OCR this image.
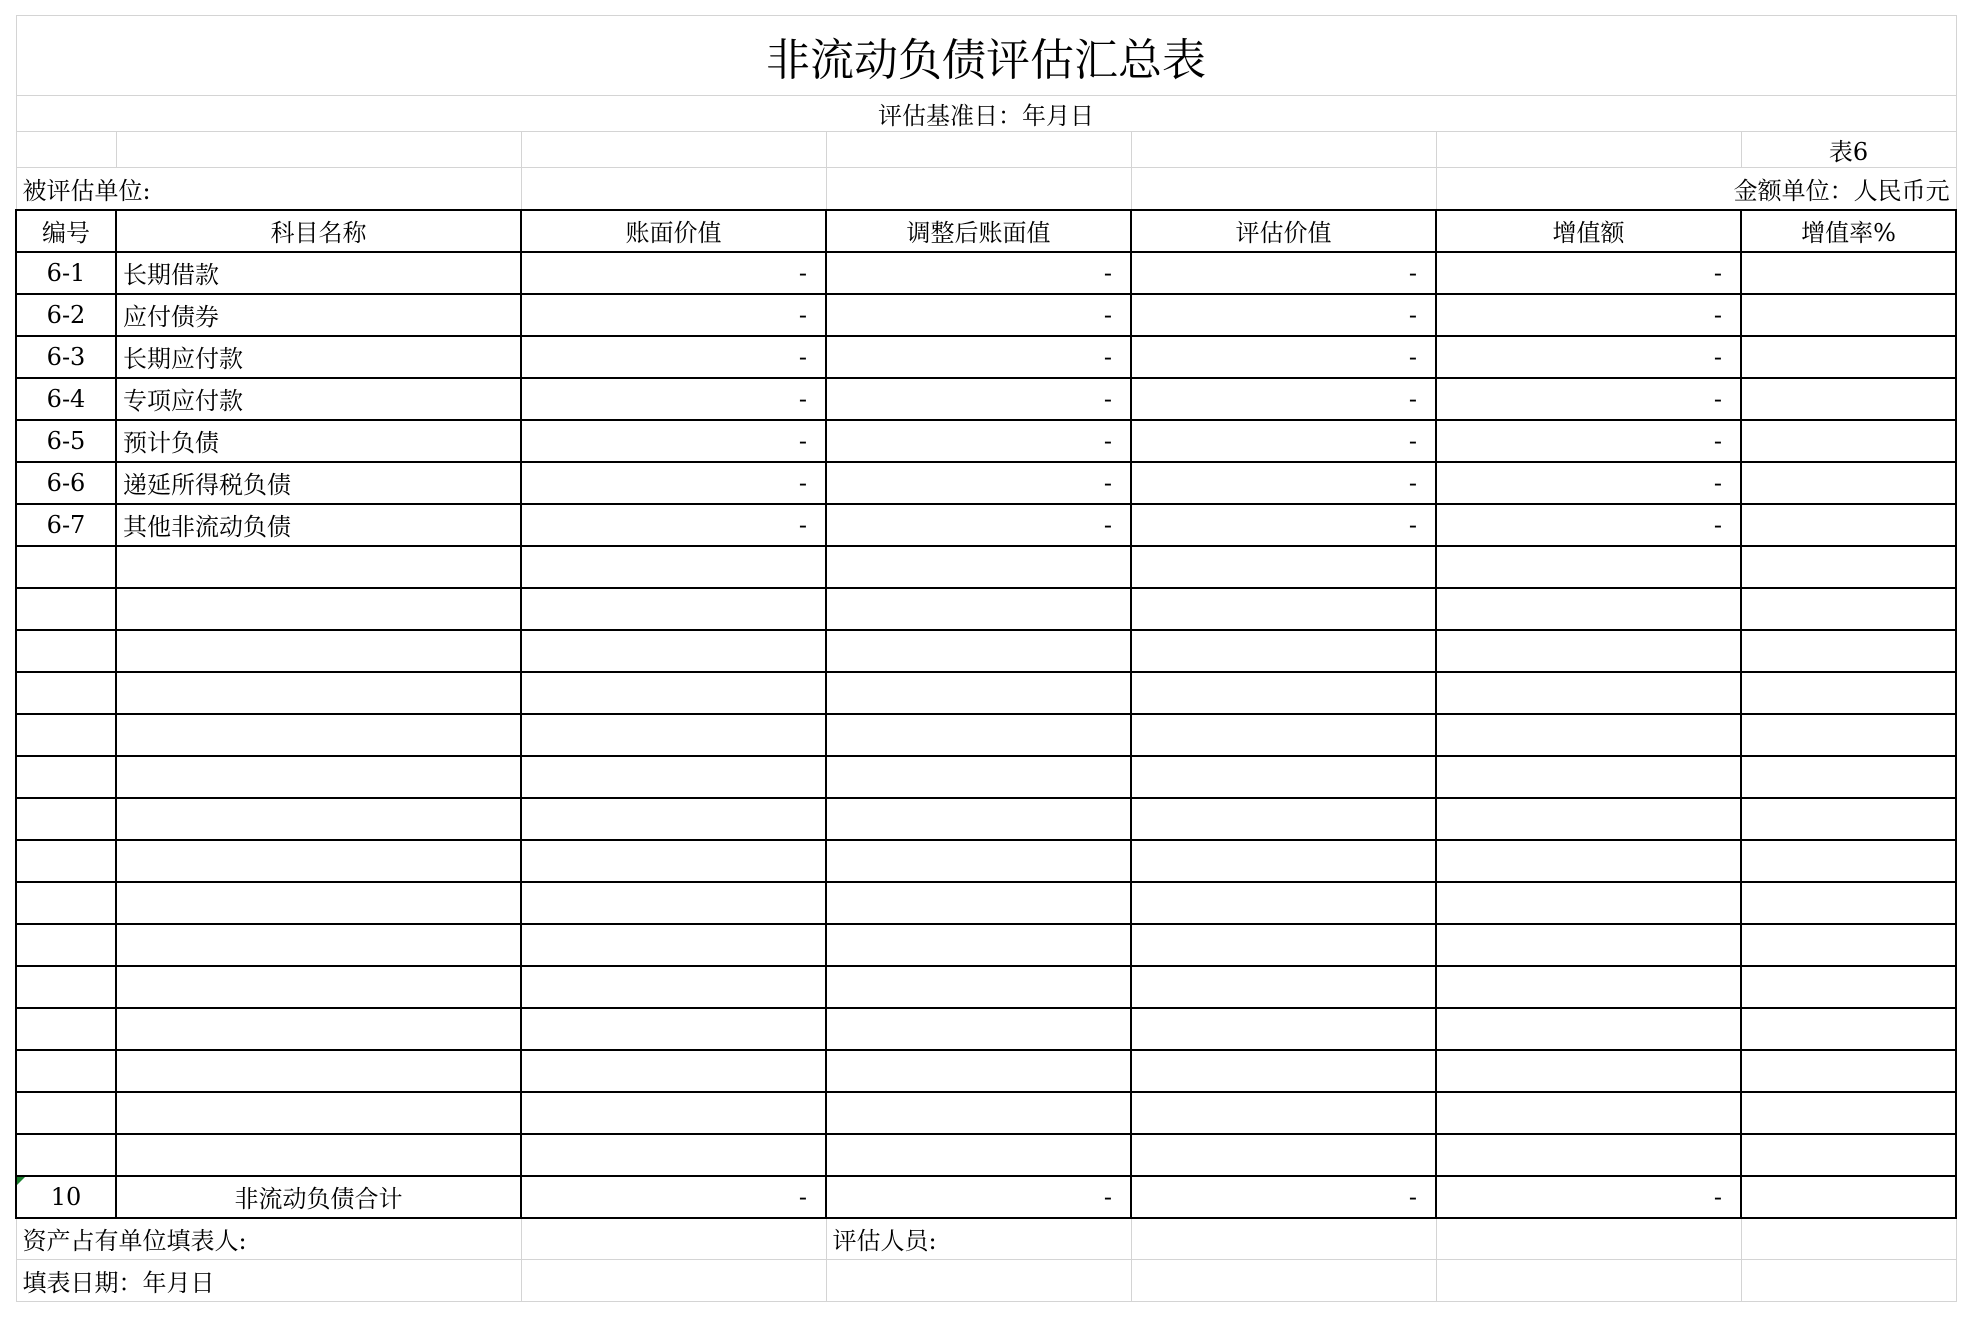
非流动负债评估汇总表						
评估基准日：年月日						
						表6
被评估单位:					金额单位：人民币元	
编号	科目名称	账面价值	调整后账面值	评估价值	增值额	增值率%
6-1	长期借款	-	-	-	-	
6-2	应付债券	-	-	-	-	
6-3	长期应付款	-	-	-	-	
6-4	专项应付款	-	-	-	-	
6-5	预计负债	-	-	-	-	
6-6	递延所得税负债	-	-	-	-	
6-7	其他非流动负债	-	-	-	-	

10	非流动负债合计	-	-	-	-	
资产占有单位填表人:			评估人员:			
填表日期：年月日						
